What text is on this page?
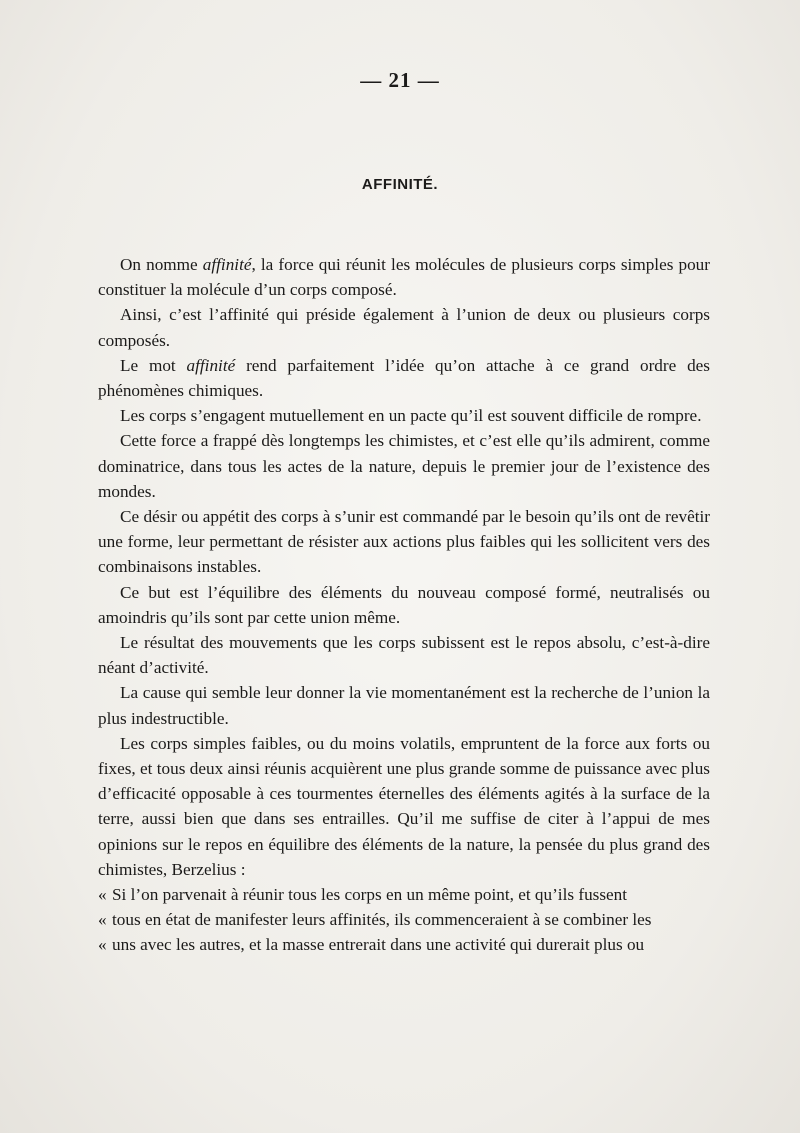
— 21 —
AFFINITÉ.

On nomme affinité, la force qui réunit les molécules de plusieurs corps simples pour constituer la molécule d’un corps composé.

Ainsi, c’est l’affinité qui préside également à l’union de deux ou plusieurs corps composés.

Le mot affinité rend parfaitement l’idée qu’on attache à ce grand ordre des phénomènes chimiques.

Les corps s’engagent mutuellement en un pacte qu’il est souvent difficile de rompre.

Cette force a frappé dès longtemps les chimistes, et c’est elle qu’ils admirent, comme dominatrice, dans tous les actes de la nature, depuis le premier jour de l’existence des mondes.

Ce désir ou appétit des corps à s’unir est commandé par le besoin qu’ils ont de revêtir une forme, leur permettant de résister aux actions plus faibles qui les sollicitent vers des combinaisons instables.

Ce but est l’équilibre des éléments du nouveau composé formé, neutralisés ou amoindris qu’ils sont par cette union même.

Le résultat des mouvements que les corps subissent est le repos absolu, c’est-à-dire néant d’activité.

La cause qui semble leur donner la vie momentanément est la recherche de l’union la plus indestructible.

Les corps simples faibles, ou du moins volatils, empruntent de la force aux forts ou fixes, et tous deux ainsi réunis acquièrent une plus grande somme de puissance avec plus d’efficacité opposable à ces tourmentes éternelles des éléments agités à la surface de la terre, aussi bien que dans ses entrailles. Qu’il me suffise de citer à l’appui de mes opinions sur le repos en équilibre des éléments de la nature, la pensée du plus grand des chimistes, Berzelius :

« Si l’on parvenait à réunir tous les corps en un même point, et qu’ils fussent
« tous en état de manifester leurs affinités, ils commenceraient à se combiner les
« uns avec les autres, et la masse entrerait dans une activité qui durerait plus ou
